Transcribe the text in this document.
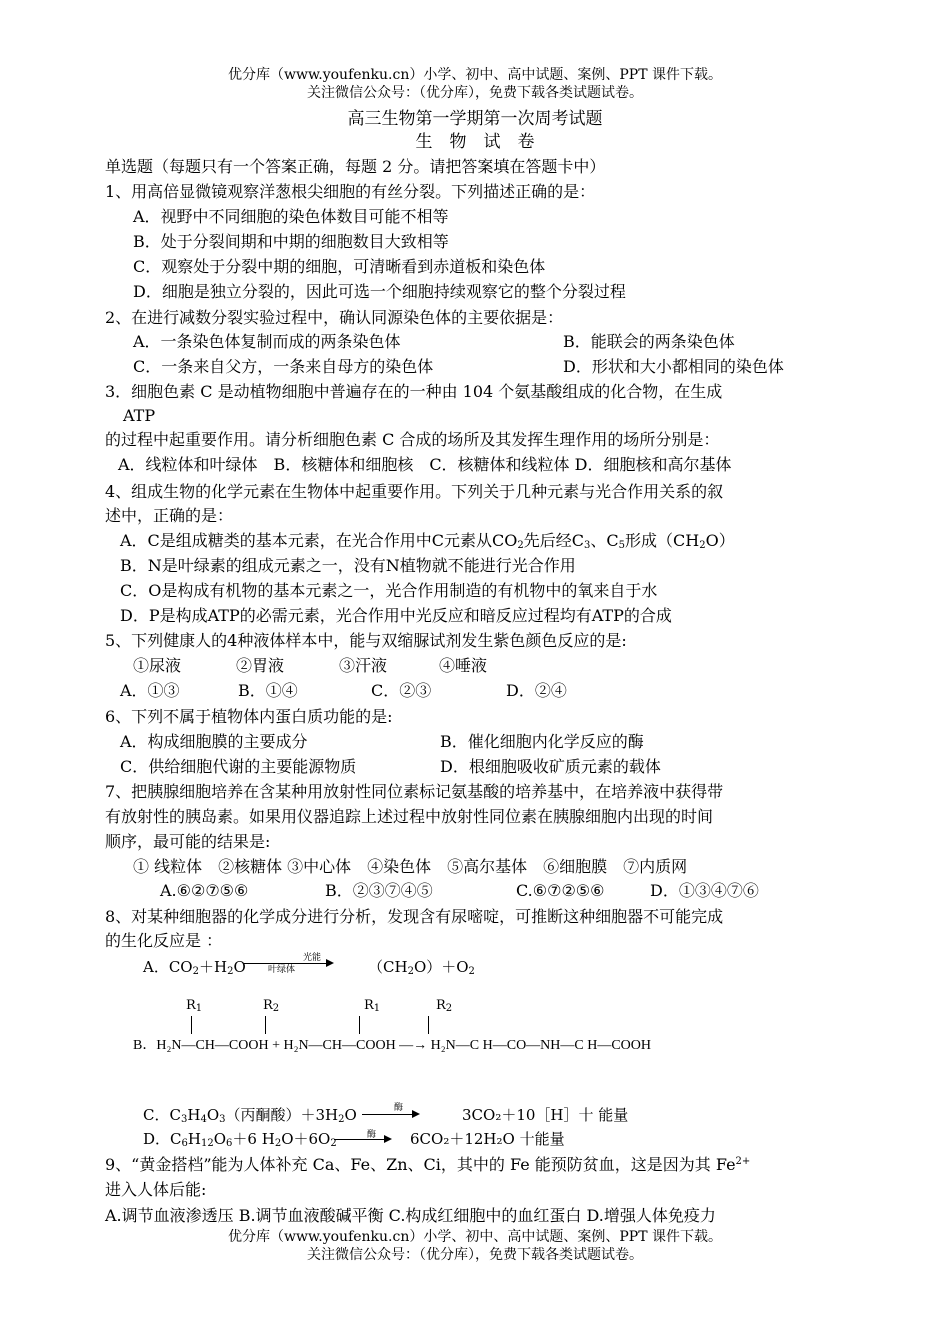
优分库（www.youfenku.cn）小学、初中、高中试题、案例、PPT 课件下载。
关注微信公众号：（优分库），免费下载各类试题试卷。
高三生物第一学期第一次周考试题
生　物　试　卷
单选题（每题只有一个答案正确，每题 2 分。请把答案填在答题卡中）
1、用高倍显微镜观察洋葱根尖细胞的有丝分裂。下列描述正确的是：
A．视野中不同细胞的染色体数目可能不相等
B．处于分裂间期和中期的细胞数目大致相等
C．观察处于分裂中期的细胞，可清晰看到赤道板和染色体
D．细胞是独立分裂的，因此可选一个细胞持续观察它的整个分裂过程
2、在进行减数分裂实验过程中，确认同源染色体的主要依据是：
A．一条染色体复制而成的两条染色体	B．能联会的两条染色体
C．一条来自父方，一条来自母方的染色体	D．形状和大小都相同的染色体
3．细胞色素 C 是动植物细胞中普遍存在的一种由 104 个氨基酸组成的化合物，在生成
ATP
的过程中起重要作用。请分析细胞色素 C 合成的场所及其发挥生理作用的场所分别是：
A．线粒体和叶绿体　B．核糖体和细胞核　C．核糖体和线粒体 D．细胞核和高尔基体
4、组成生物的化学元素在生物体中起重要作用。下列关于几种元素与光合作用关系的叙
述中，正确的是：
A．C是组成糖类的基本元素，在光合作用中C元素从$CO_2$先后经$C_3$、$C_5$形成$(CH_2O)$
B．N是叶绿素的组成元素之一，没有N植物就不能进行光合作用
C．O是构成有机物的基本元素之一，光合作用制造的有机物中的氧来自于水
D．P是构成ATP的必需元素，光合作用中光反应和暗反应过程均有ATP的合成
5、下列健康人的4种液体样本中，能与双缩脲试剂发生紫色颜色反应的是:
①尿液	②胃液	③汗液	④唾液
A．①③	B．①④	C．②③	D．②④
6、下列不属于植物体内蛋白质功能的是:
A．构成细胞膜的主要成分	B．催化细胞内化学反应的酶
C．供给细胞代谢的主要能源物质	D．根细胞吸收矿质元素的载体
7、把胰腺细胞培养在含某种用放射性同位素标记氨基酸的培养基中，在培养液中获得带
有放射性的胰岛素。如果用仪器追踪上述过程中放射性同位素在胰腺细胞内出现的时间
顺序，最可能的结果是:
① 线粒体　②核糖体 ③中心体　④染色体　⑤高尔基体　⑥细胞膜　⑦内质网
A.⑥②⑦⑤⑥	B．②③⑦④⑤	C.⑥⑦②⑤⑥	D．①③④⑦⑥
8、对某种细胞器的化学成分进行分析，发现含有尿嘧啶，可推断这种细胞器不可能完成
的生化反应是 ：
A．$CO_2+H_2O$	光能
叶绿体	$(CH_2O)+O_2$
$R_1$	$R_2$	$R_1$	$R_2$
B．H₂N—CH—COOH + H₂N—CH—COOH —→ H₂N—C H—CO—NH—C H—COOH
C．$C_3H_4O_3$（丙酮酸）$+3H_2O$	酶	3CO₂＋10［H］十 能量
D．$C_6H_{12}O_6+6$ $H_2O+6O_2$
酶 → 6CO₂＋12H₂O 十能量
9、“黄金搭档”能为人体补充 Ca、Fe、Zn、Ci，其中的 Fe 能预防贫血，这是因为其 $Fe^{2+}$
进入人体后能:
A.调节血液渗透压 B.调节血液酸碱平衡 C.构成红细胞中的血红蛋白 D.增强人体免疫力
优分库（www.youfenku.cn）小学、初中、高中试题、案例、PPT 课件下载。
关注微信公众号：（优分库），免费下载各类试题试卷。
